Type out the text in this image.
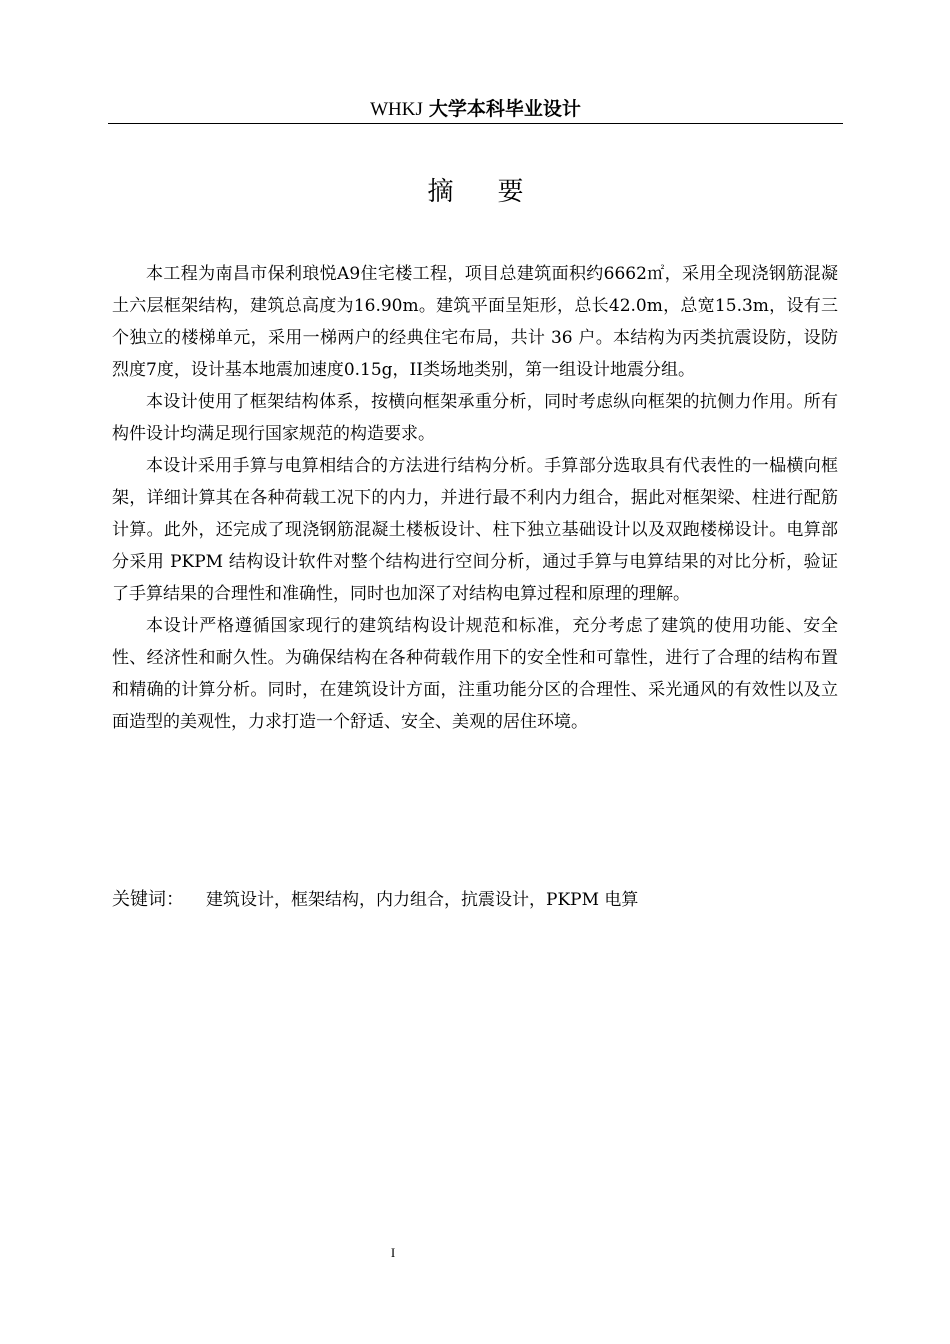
WHKJ 大学本科毕业设计
摘要

本工程为南昌市保利琅悦A9住宅楼工程，项目总建筑面积约6662㎡，采用全现浇钢筋混凝土六层框架结构，建筑总高度为16.90m。建筑平面呈矩形，总长42.0m，总宽15.3m，设有三个独立的楼梯单元，采用一梯两户的经典住宅布局，共计 36 户。本结构为丙类抗震设防，设防烈度7度，设计基本地震加速度0.15g，II类场地类别，第一组设计地震分组。

本设计使用了框架结构体系，按横向框架承重分析，同时考虑纵向框架的抗侧力作用。所有构件设计均满足现行国家规范的构造要求。

本设计采用手算与电算相结合的方法进行结构分析。手算部分选取具有代表性的一榀横向框架，详细计算其在各种荷载工况下的内力，并进行最不利内力组合，据此对框架梁、柱进行配筋计算。此外，还完成了现浇钢筋混凝土楼板设计、柱下独立基础设计以及双跑楼梯设计。电算部分采用 PKPM 结构设计软件对整个结构进行空间分析，通过手算与电算结果的对比分析，验证了手算结果的合理性和准确性，同时也加深了对结构电算过程和原理的理解。

本设计严格遵循国家现行的建筑结构设计规范和标准，充分考虑了建筑的使用功能、安全性、经济性和耐久性。为确保结构在各种荷载作用下的安全性和可靠性，进行了合理的结构布置和精确的计算分析。同时，在建筑设计方面，注重功能分区的合理性、采光通风的有效性以及立面造型的美观性，力求打造一个舒适、安全、美观的居住环境。

关键词： 建筑设计，框架结构，内力组合，抗震设计，PKPM 电算
I
